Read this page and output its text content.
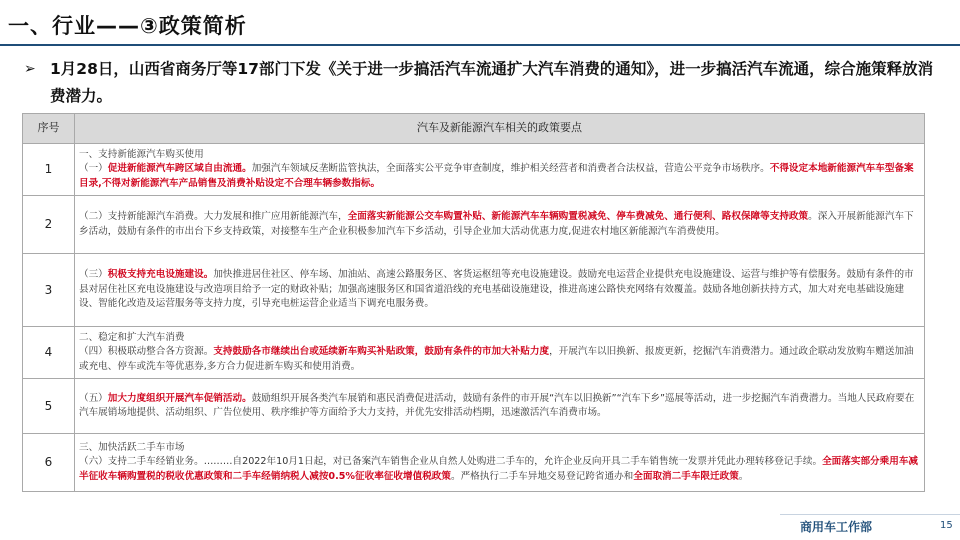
一、行业——③政策简析
➢ 1月28日，山西省商务厅等17部门下发《关于进一步搞活汽车流通扩大汽车消费的通知》，进一步搞活汽车流通，综合施策释放消费潜力。
序号	汽车及新能源汽车相关的政策要点
1	一、支持新能源汽车购买使用
（一）促进新能源汽车跨区域自由流通。加强汽车领域反垄断监管执法，全面落实公平竞争审查制度，维护相关经营者和消费者合法权益，营造公平竞争市场秩序。不得设定本地新能源汽车车型备案目录,不得对新能源汽车产品销售及消费补贴设定不合理车辆参数指标。
2	（二）支持新能源汽车消费。大力发展和推广应用新能源汽车，全面落实新能源公交车购置补贴、新能源汽车车辆购置税减免、停车费减免、通行便利、路权保障等支持政策。深入开展新能源汽车下乡活动，鼓励有条件的市出台下乡支持政策，对接整车生产企业积极参加汽车下乡活动，引导企业加大活动优惠力度,促进农村地区新能源汽车消费使用。
3	（三）积极支持充电设施建设。加快推进居住社区、停车场、加油站、高速公路服务区、客货运枢纽等充电设施建设。鼓励充电运营企业提供充电设施建设、运营与维护等有偿服务。鼓励有条件的市县对居住社区充电设施建设与改造项目给予一定的财政补贴；加强高速服务区和国省道沿线的充电基础设施建设，推进高速公路快充网络有效覆盖。鼓励各地创新扶持方式，加大对充电基础设施建设、智能化改造及运营服务等支持力度，引导充电桩运营企业适当下调充电服务费。
4	二、稳定和扩大汽车消费
（四）积极联动整合各方资源。支持鼓励各市继续出台或延续新车购买补贴政策，鼓励有条件的市加大补贴力度，开展汽车以旧换新、报废更新，挖掘汽车消费潜力。通过政企联动发放购车赠送加油或充电、停车或洗车等优惠券,多方合力促进新车购买和使用消费。
5	（五）加大力度组织开展汽车促销活动。鼓励组织开展各类汽车展销和惠民消费促进活动，鼓励有条件的市开展“汽车以旧换新”“汽车下乡”巡展等活动，进一步挖掘汽车消费潜力。当地人民政府要在汽车展销场地提供、活动组织、广告位使用、秩序维护等方面给予大力支持，并优先安排活动档期，迅速激活汽车消费市场。
6	三、加快活跃二手车市场
（六）支持二手车经销业务。………自2022年10月1日起，对已备案汽车销售企业从自然人处购进二手车的，允许企业反向开具二手车销售统一发票并凭此办理转移登记手续。全面落实部分乘用车减半征收车辆购置税的税收优惠政策和二手车经销纳税人减按0.5%征收率征收增值税政策。严格执行二手车异地交易登记跨省通办和全面取消二手车限迁政策。
商用车工作部	15
